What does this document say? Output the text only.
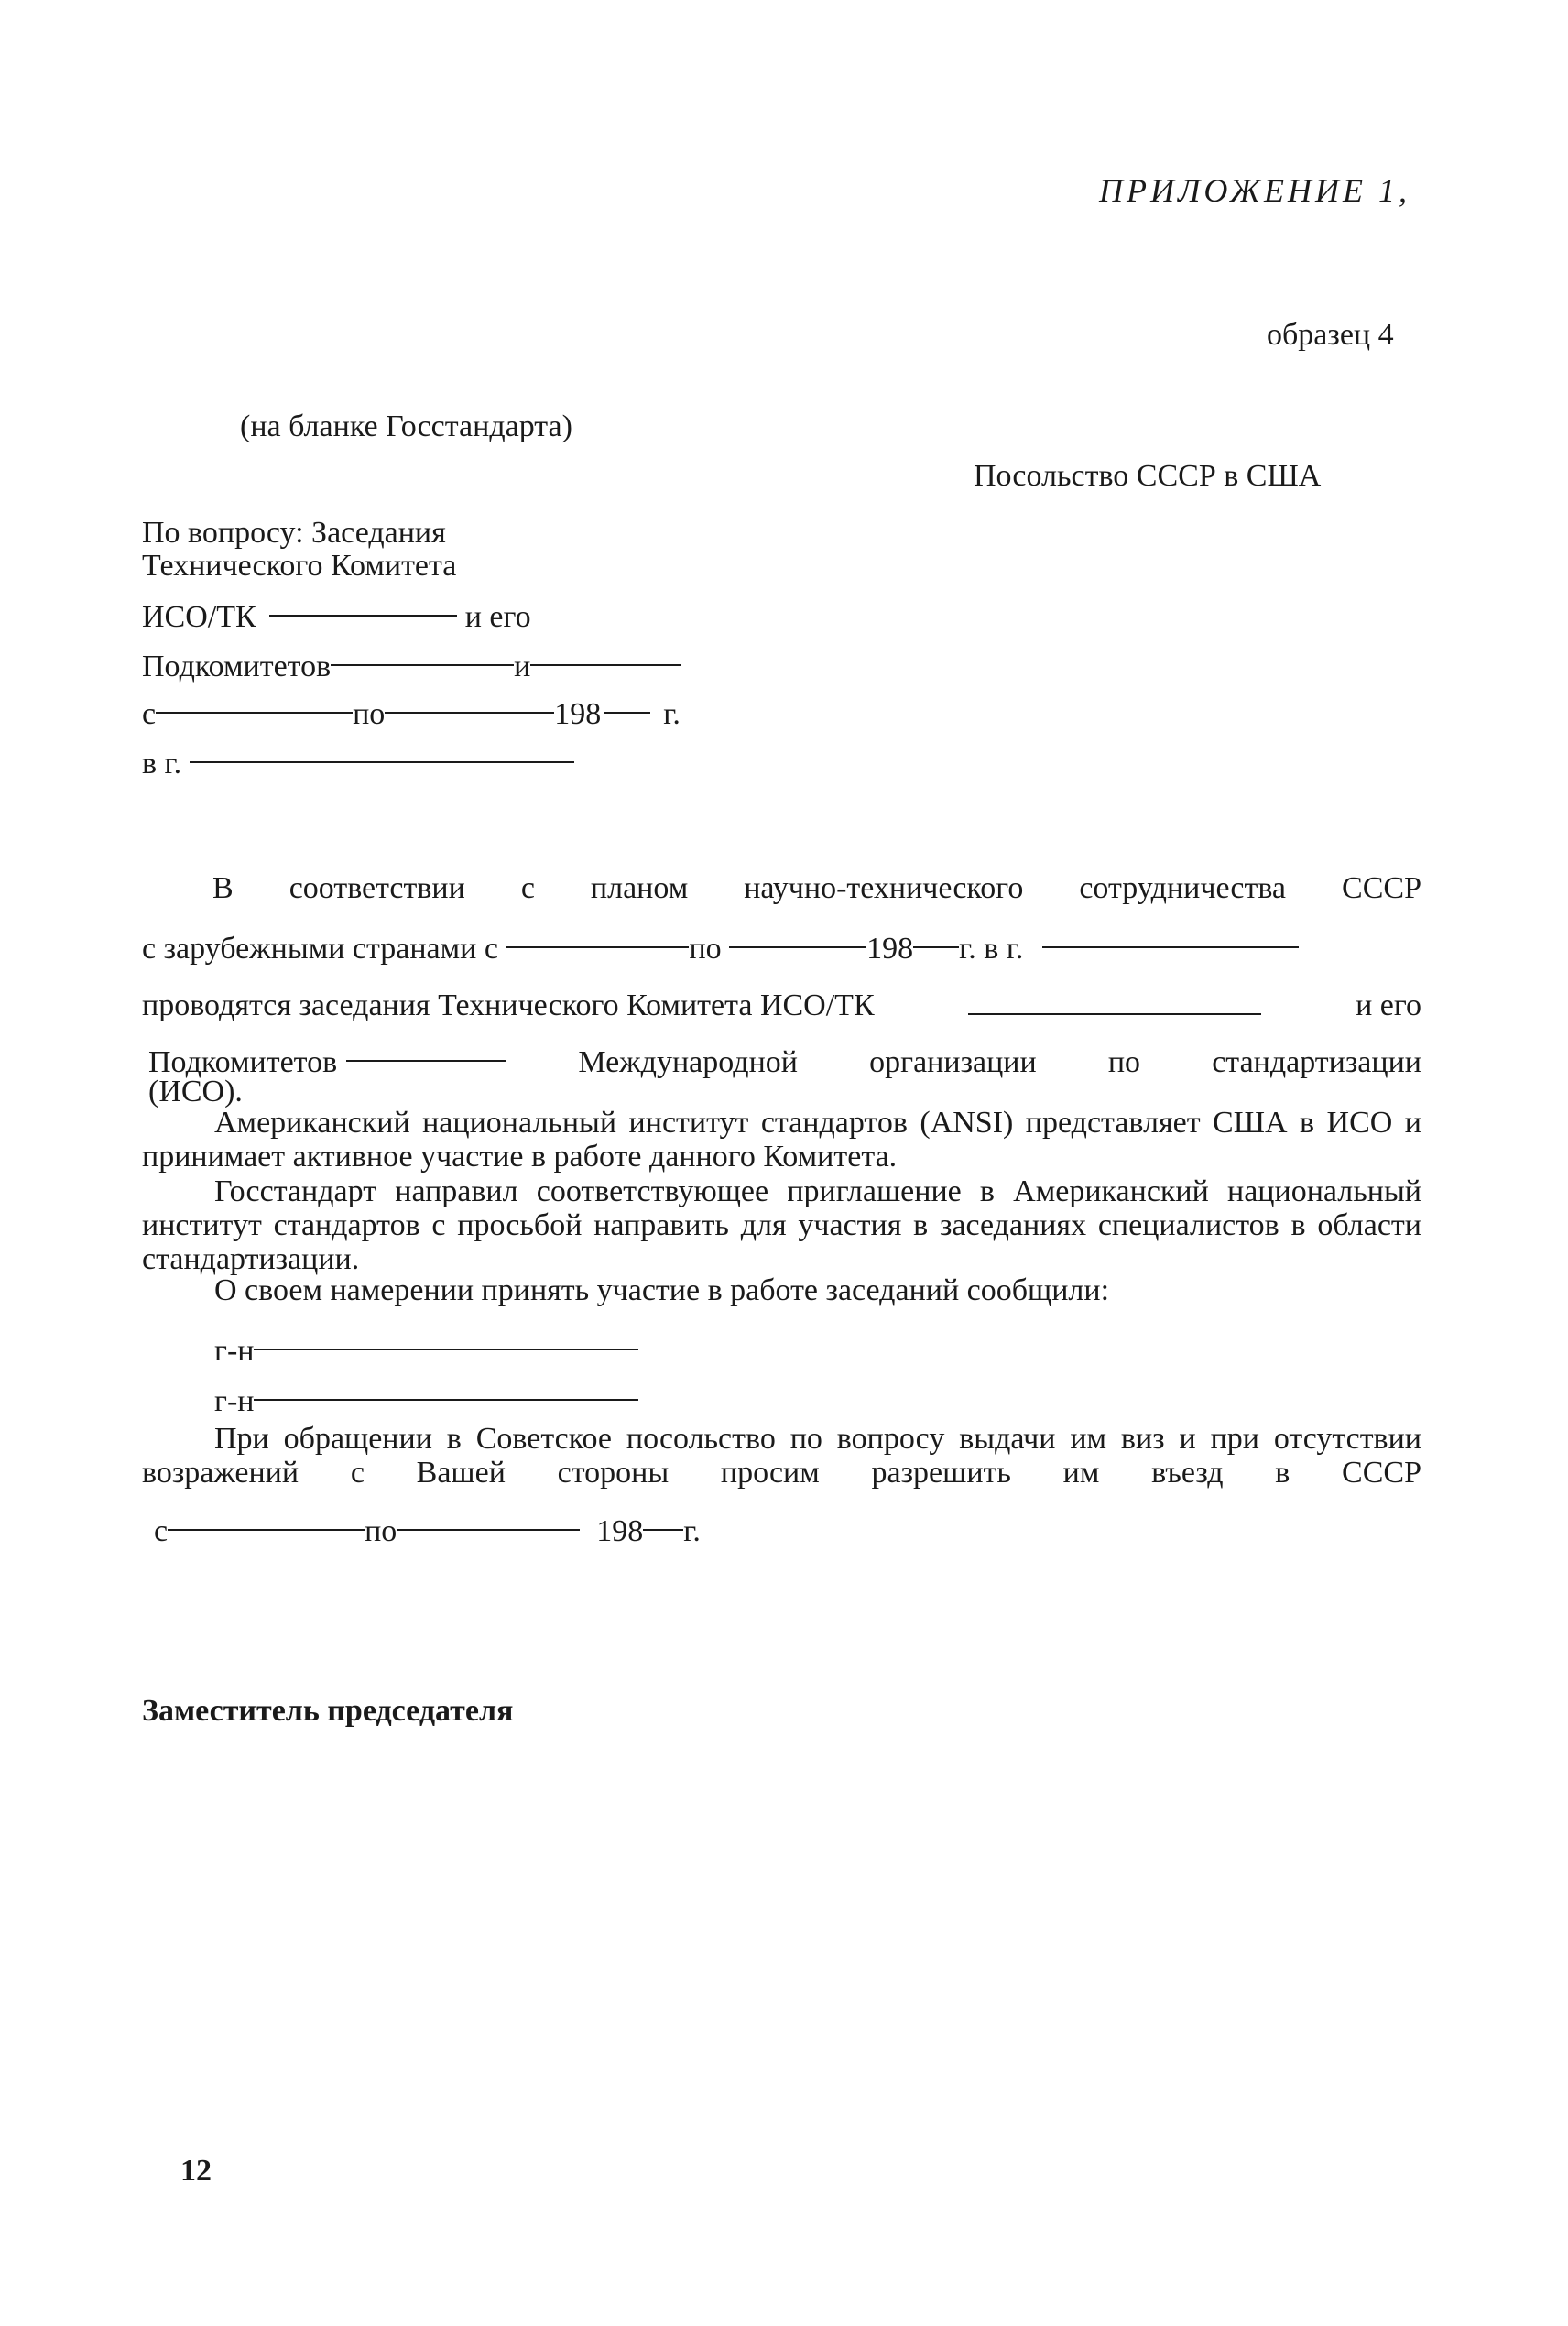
ПРИЛОЖЕНИЕ 1,
образец 4
(на бланке Госстандарта)
Посольство СССР в США
По вопросу: Заседания
Технического Комитета
ИСО/ТК	и его
Подкомитетов	и
с	по	198 г.
в г.
В соответствии с планом научно-технического сотрудничества СССР
с зарубежными странами с	по	198 г. в г.
проводятся заседания Технического Комитета ИСО/ТК	и его
Подкомитетов	Международной организации по стандартизации
(ИСО).
Американский национальный институт стандартов (ANSI) представляет США в ИСО и принимает активное участие в работе данного Комитета.
Госстандарт направил соответствующее приглашение в Американский национальный институт стандартов с просьбой направить для участия в заседаниях специалистов в области стандартизации.
О своем намерении принять участие в работе заседаний сообщили:
г-н
г-н
При обращении в Советское посольство по вопросу выдачи им виз и при отсутствии возражений с Вашей стороны просим разрешить им въезд в СССР
с	по	198 г.
Заместитель председателя
12
